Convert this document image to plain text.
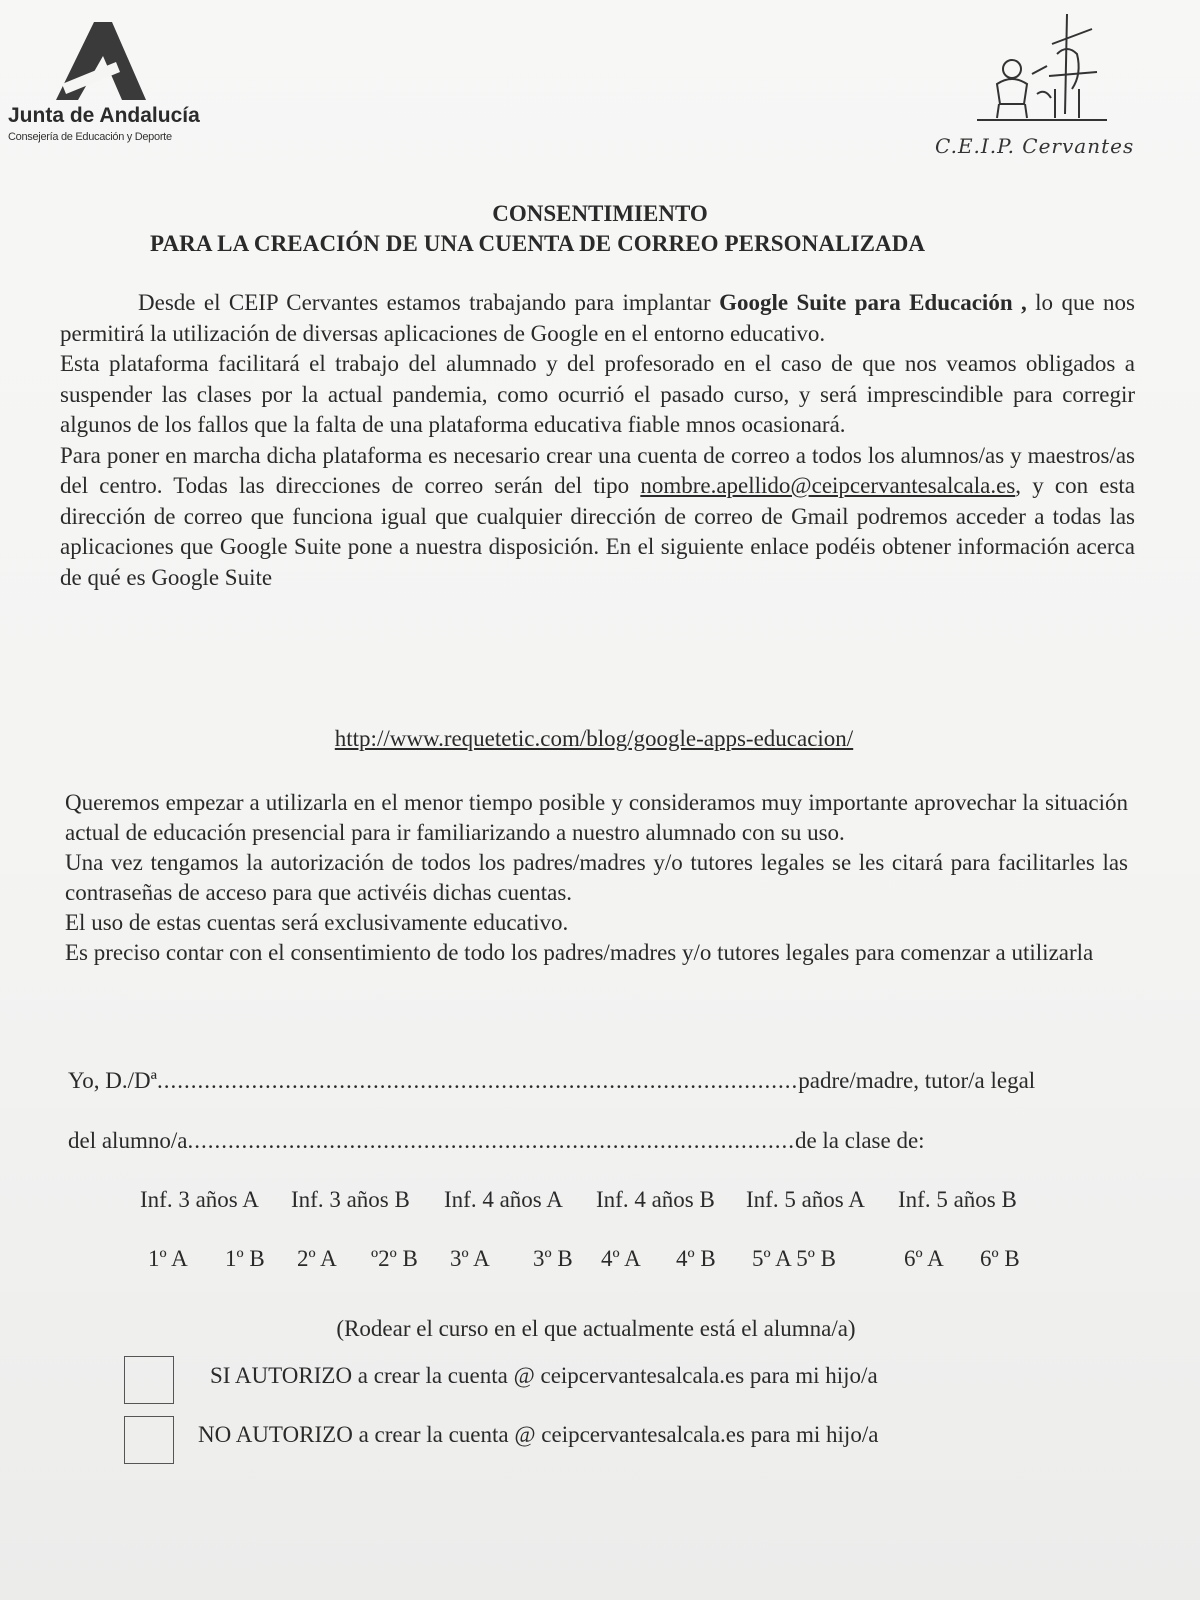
Junta de Andalucía
Consejería de Educación y Deporte	C.E.I.P. Cervantes
CONSENTIMIENTO
PARA LA CREACIÓN DE UNA CUENTA DE CORREO PERSONALIZADA

Desde el CEIP Cervantes estamos trabajando para implantar Google Suite para Educación , lo que nos permitirá la utilización de diversas aplicaciones de Google en el entorno educativo.

Esta plataforma facilitará el trabajo del alumnado y del profesorado en el caso de que nos veamos obligados a suspender las clases por la actual pandemia, como ocurrió el pasado curso, y será imprescindible para corregir algunos de los fallos que la falta de una plataforma educativa fiable mnos ocasionará.

Para poner en marcha dicha plataforma es necesario crear una cuenta de correo a todos los alumnos/as y maestros/as del centro. Todas las direcciones de correo serán del tipo nombre.apellido@ceipcervantesalcala.es, y con esta dirección de correo que funciona igual que cualquier dirección de correo de Gmail podremos acceder a todas las aplicaciones que Google Suite pone a nuestra disposición. En el siguiente enlace podéis obtener información acerca de qué es Google Suite

http://www.requetetic.com/blog/google-apps-educacion/

Queremos empezar a utilizarla en el menor tiempo posible y consideramos muy importante aprovechar la situación actual de educación presencial para ir familiarizando a nuestro alumnado con su uso.

Una vez tengamos la autorización de todos los padres/madres y/o tutores legales se les citará para facilitarles las contraseñas de acceso para que activéis dichas cuentas.

El uso de estas cuentas será exclusivamente educativo.

Es preciso contar con el consentimiento de todo los padres/madres y/o tutores legales para comenzar a utilizarla

Yo, D./Dª...............................................................................................padre/madre, tutor/a legal
del alumno/a..........................................................................................de la clase de:
Inf. 3 años A Inf. 3 años B Inf. 4 años A Inf. 4 años B Inf. 5 años A Inf. 5 años B
1º A 1º B 2º A º2º B 3º A 3º B 4º A 4º B 5º A 5º B	6º A 6º B
(Rodear el curso en el que actualmente está el alumna/a)
SI AUTORIZO a crear la cuenta @ ceipcervantesalcala.es para mi hijo/a
NO AUTORIZO a crear la cuenta @ ceipcervantesalcala.es para mi hijo/a
